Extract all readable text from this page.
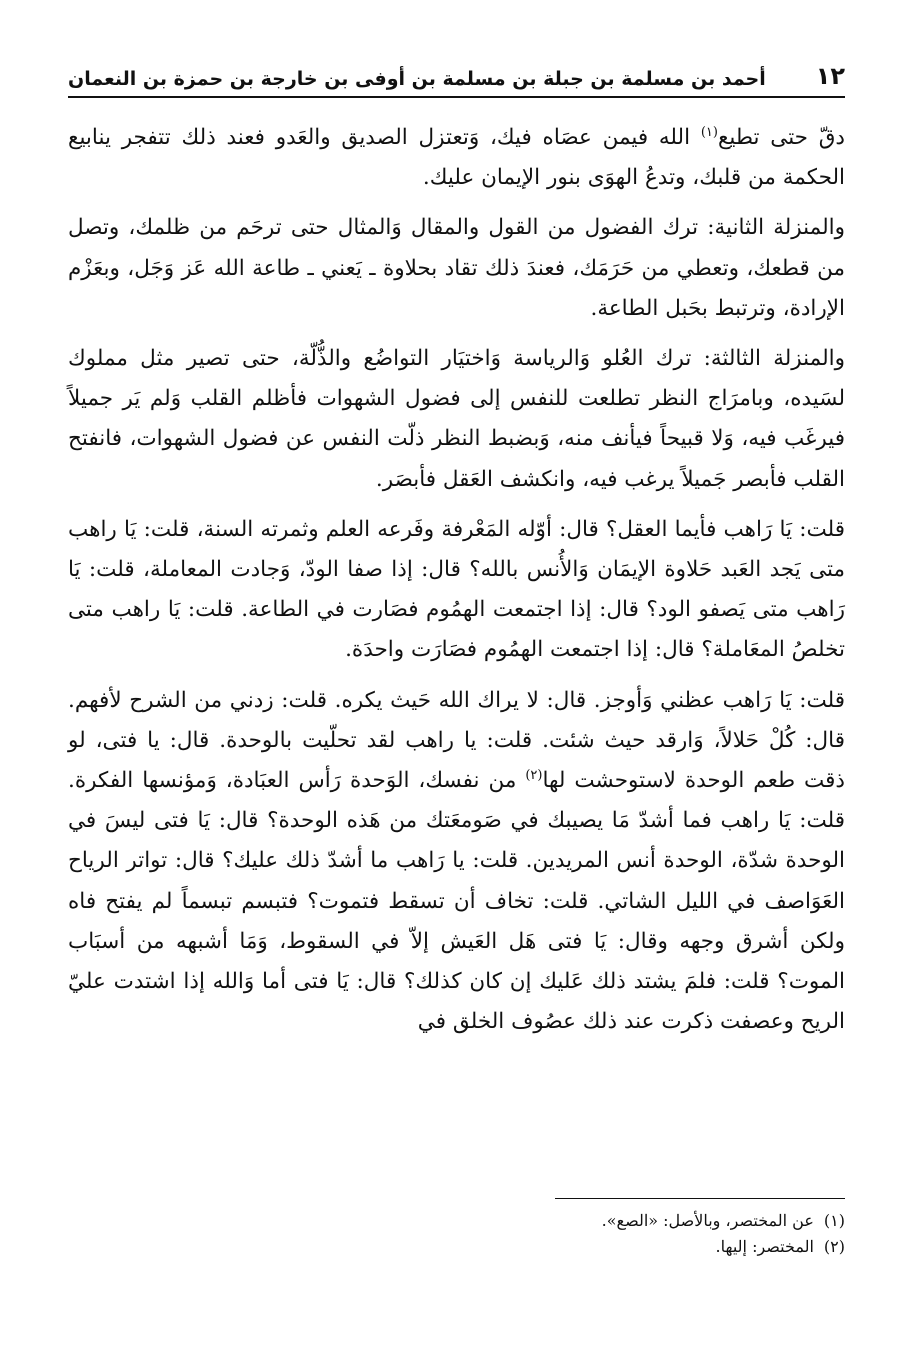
١٢
أحمد بن مسلمة بن جبلة بن مسلمة بن أوفى بن خارجة بن حمزة بن النعمان

دقّ حتى تطيع$^{(١)}$ الله فيمن عصَاه فيك، وَتعتزل الصديق والعَدو فعند ذلك تتفجر ينابيع الحكمة من قلبك، وتدعُ الهوَى بنور الإيمان عليك.

والمنزلة الثانية: ترك الفضول من القول والمقال وَالمثال حتى ترحَم من ظلمك، وتصل من قطعك، وتعطي من حَرَمَك، فعندَ ذلك تقاد بحلاوة ـ يَعني ـ طاعة الله عَز وَجَل، وبعَزْم الإرادة، وترتبط بحَبل الطاعة.

والمنزلة الثالثة: ترك العُلو وَالرياسة وَاختيَار التواضُع والذُّلّة، حتى تصير مثل مملوك لسَيده، وبامرَاج النظر تطلعت للنفس إلى فضول الشهوات فأظلم القلب وَلم يَر جميلاً فيرغَب فيه، وَلا قبيحاً فيأنف منه، وَبضبط النظر ذلّت النفس عن فضول الشهوات، فانفتح القلب فأبصر جَميلاً يرغب فيه، وانكشف العَقل فأبصَر.

قلت: يَا رَاهب فأيما العقل؟ قال: أوّله المَعْرفة وفَرعه العلم وثمرته السنة، قلت: يَا راهب متى يَجد العَبد حَلاوة الإيمَان وَالأُنس بالله؟ قال: إذا صفا الودّ، وَجادت المعاملة، قلت: يَا رَاهب متى يَصفو الود؟ قال: إذا اجتمعت الهمُوم فصَارت في الطاعة. قلت: يَا راهب متى تخلصُ المعَاملة؟ قال: إذا اجتمعت الهمُوم فصَارَت واحدَة.

قلت: يَا رَاهب عظني وَأوجز. قال: لا يراك الله حَيث يكره. قلت: زدني من الشرح لأفهم. قال: كُلْ حَلالاً، وَارقد حيث شئت. قلت: يا راهب لقد تحلّيت بالوحدة. قال: يا فتى، لو ذقت طعم الوحدة لاستوحشت لها$^{(٢)}$ من نفسك، الوَحدة رَأس العبَادة، وَمؤنسها الفكرة. قلت: يَا راهب فما أشدّ مَا يصيبك في صَومعَتك من هَذه الوحدة؟ قال: يَا فتى ليسَ في الوحدة شدّة، الوحدة أنس المريدين. قلت: يا رَاهب ما أشدّ ذلك عليك؟ قال: تواتر الرياح العَوَاصف في الليل الشاتي. قلت: تخاف أن تسقط فتموت؟ فتبسم تبسماً لم يفتح فاه ولكن أشرق وجهه وقال: يَا فتى هَل العَيش إلاّ في السقوط، وَمَا أشبهه من أسبَاب الموت؟ قلت: فلمَ يشتد ذلك عَليك إن كان كذلك؟ قال: يَا فتى أما وَالله إذا اشتدت عليّ الريح وعصفت ذكرت عند ذلك عصُوف الخلق في

(١)عن المختصر، وبالأصل: «الصع».

(٢)المختصر: إليها.
